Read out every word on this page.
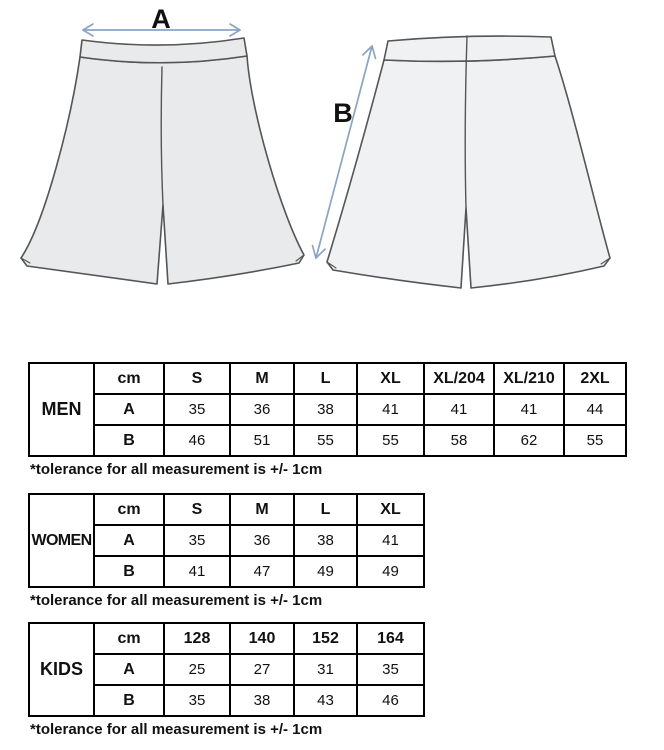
A
B
MEN	cm	S	M	L	XL	XL/204	XL/210	2XL
	A	35	36	38	41	41	41	44
	B	46	51	55	55	58	62	55

*tolerance for all measurement is +/- 1cm

WOMEN	cm	S	M	L	XL
	A	35	36	38	41
	B	41	47	49	49

*tolerance for all measurement is +/- 1cm

KIDS	cm	128	140	152	164
	A	25	27	31	35
	B	35	38	43	46

*tolerance for all measurement is +/- 1cm
